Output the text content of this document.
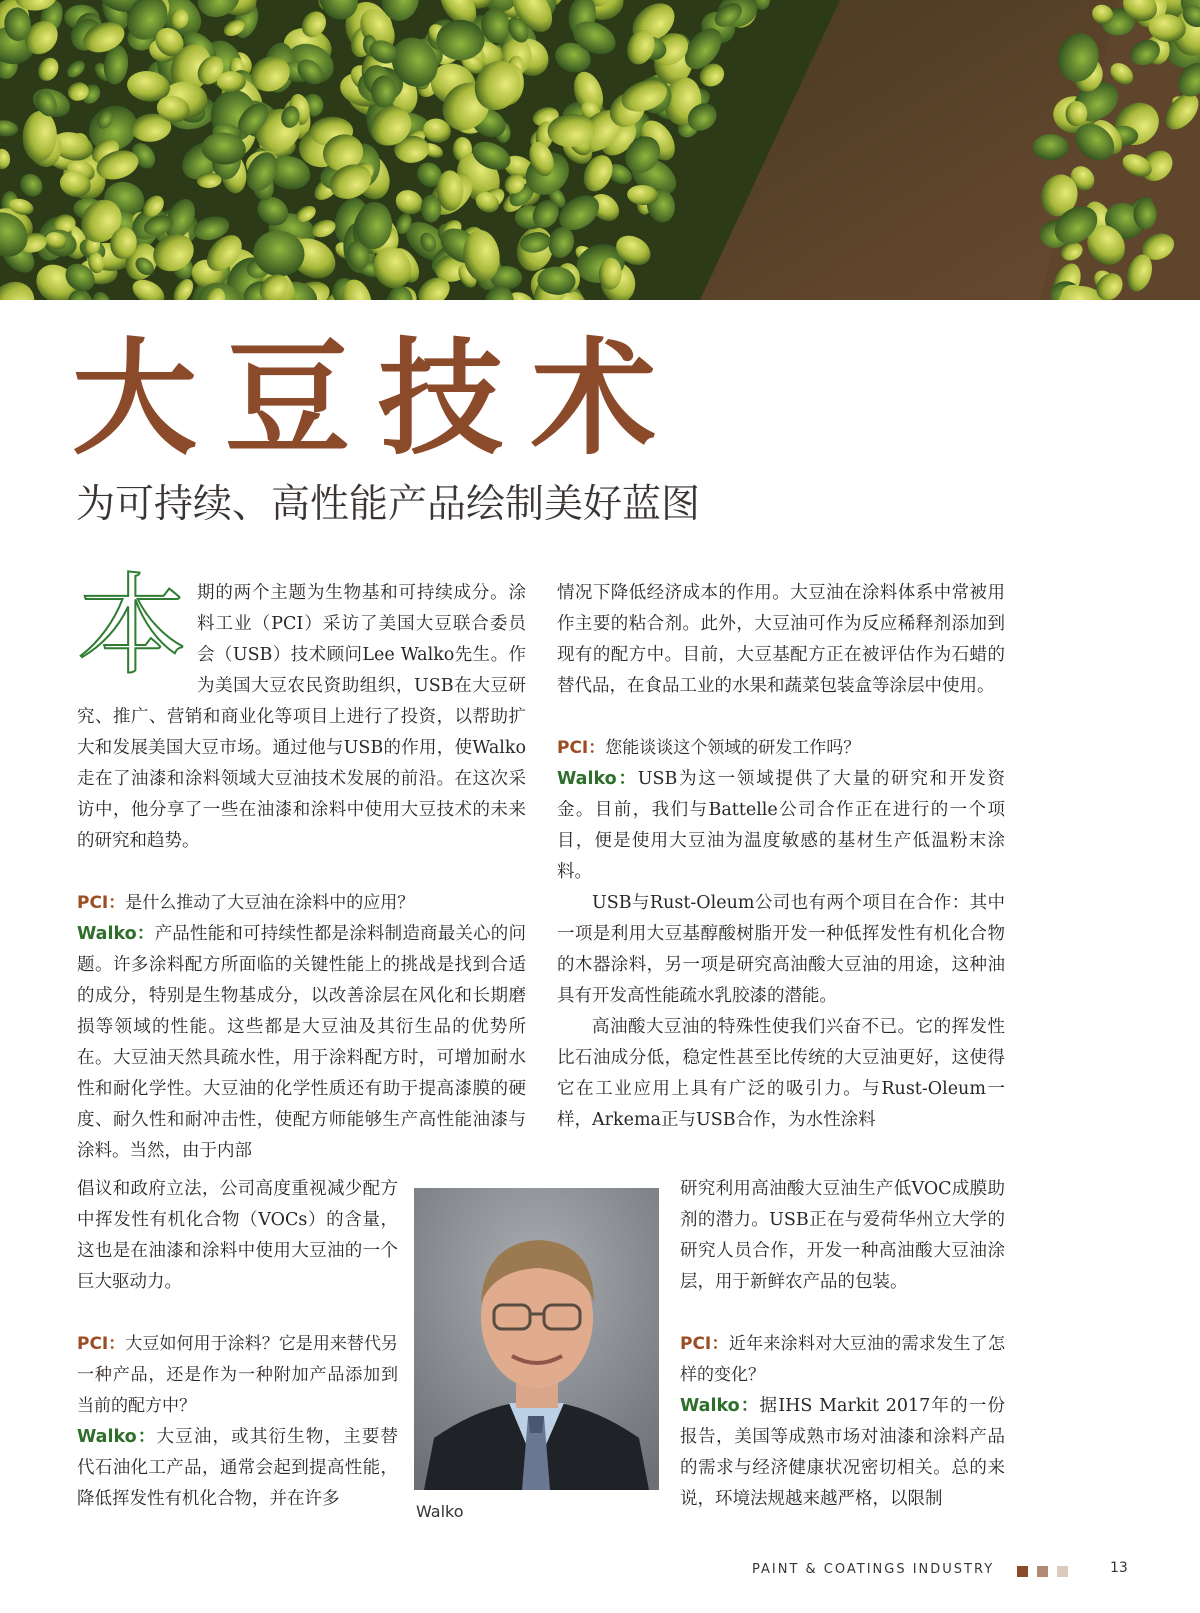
大豆技术
为可持续、高性能产品绘制美好蓝图

本 期的两个主题为生物基和可持续成分。涂料工业（PCI）采访了美国大豆联合委员会（USB）技术顾问Lee Walko先生。作为美国大豆农民资助组织，USB在大豆研究、推广、营销和商业化等项目上进行了投资，以帮助扩大和发展美国大豆市场。通过他与USB的作用，使Walko走在了油漆和涂料领域大豆油技术发展的前沿。在这次采访中，他分享了一些在油漆和涂料中使用大豆技术的未来的研究和趋势。

PCI：是什么推动了大豆油在涂料中的应用？

Walko：产品性能和可持续性都是涂料制造商最关心的问题。许多涂料配方所面临的关键性能上的挑战是找到合适的成分，特别是生物基成分，以改善涂层在风化和长期磨损等领域的性能。这些都是大豆油及其衍生品的优势所在。大豆油天然具疏水性，用于涂料配方时，可增加耐水性和耐化学性。大豆油的化学性质还有助于提高漆膜的硬度、耐久性和耐冲击性，使配方师能够生产高性能油漆与涂料。当然，由于内部

倡议和政府立法，公司高度重视减少配方中挥发性有机化合物（VOCs）的含量，这也是在油漆和涂料中使用大豆油的一个巨大驱动力。

PCI：大豆如何用于涂料？它是用来替代另一种产品，还是作为一种附加产品添加到当前的配方中？

Walko：大豆油，或其衍生物，主要替代石油化工产品，通常会起到提高性能，降低挥发性有机化合物，并在许多

情况下降低经济成本的作用。大豆油在涂料体系中常被用作主要的粘合剂。此外，大豆油可作为反应稀释剂添加到现有的配方中。目前，大豆基配方正在被评估作为石蜡的替代品，在食品工业的水果和蔬菜包装盒等涂层中使用。

PCI：您能谈谈这个领域的研发工作吗？

Walko：USB为这一领域提供了大量的研究和开发资金。目前，我们与Battelle公司合作正在进行的一个项目，便是使用大豆油为温度敏感的基材生产低温粉末涂料。

USB与Rust-Oleum公司也有两个项目在合作：其中一项是利用大豆基醇酸树脂开发一种低挥发性有机化合物的木器涂料，另一项是研究高油酸大豆油的用途，这种油具有开发高性能疏水乳胶漆的潜能。

高油酸大豆油的特殊性使我们兴奋不已。它的挥发性比石油成分低，稳定性甚至比传统的大豆油更好，这使得它在工业应用上具有广泛的吸引力。与Rust-Oleum一样，Arkema正与USB合作，为水性涂料

研究利用高油酸大豆油生产低VOC成膜助剂的潜力。USB正在与爱荷华州立大学的研究人员合作，开发一种高油酸大豆油涂层，用于新鲜农产品的包装。

PCI：近年来涂料对大豆油的需求发生了怎样的变化？

Walko：据IHS Markit 2017年的一份报告，美国等成熟市场对油漆和涂料产品的需求与经济健康状况密切相关。总的来说，环境法规越来越严格，以限制

Walko
PAINT & COATINGS INDUSTRY	13
